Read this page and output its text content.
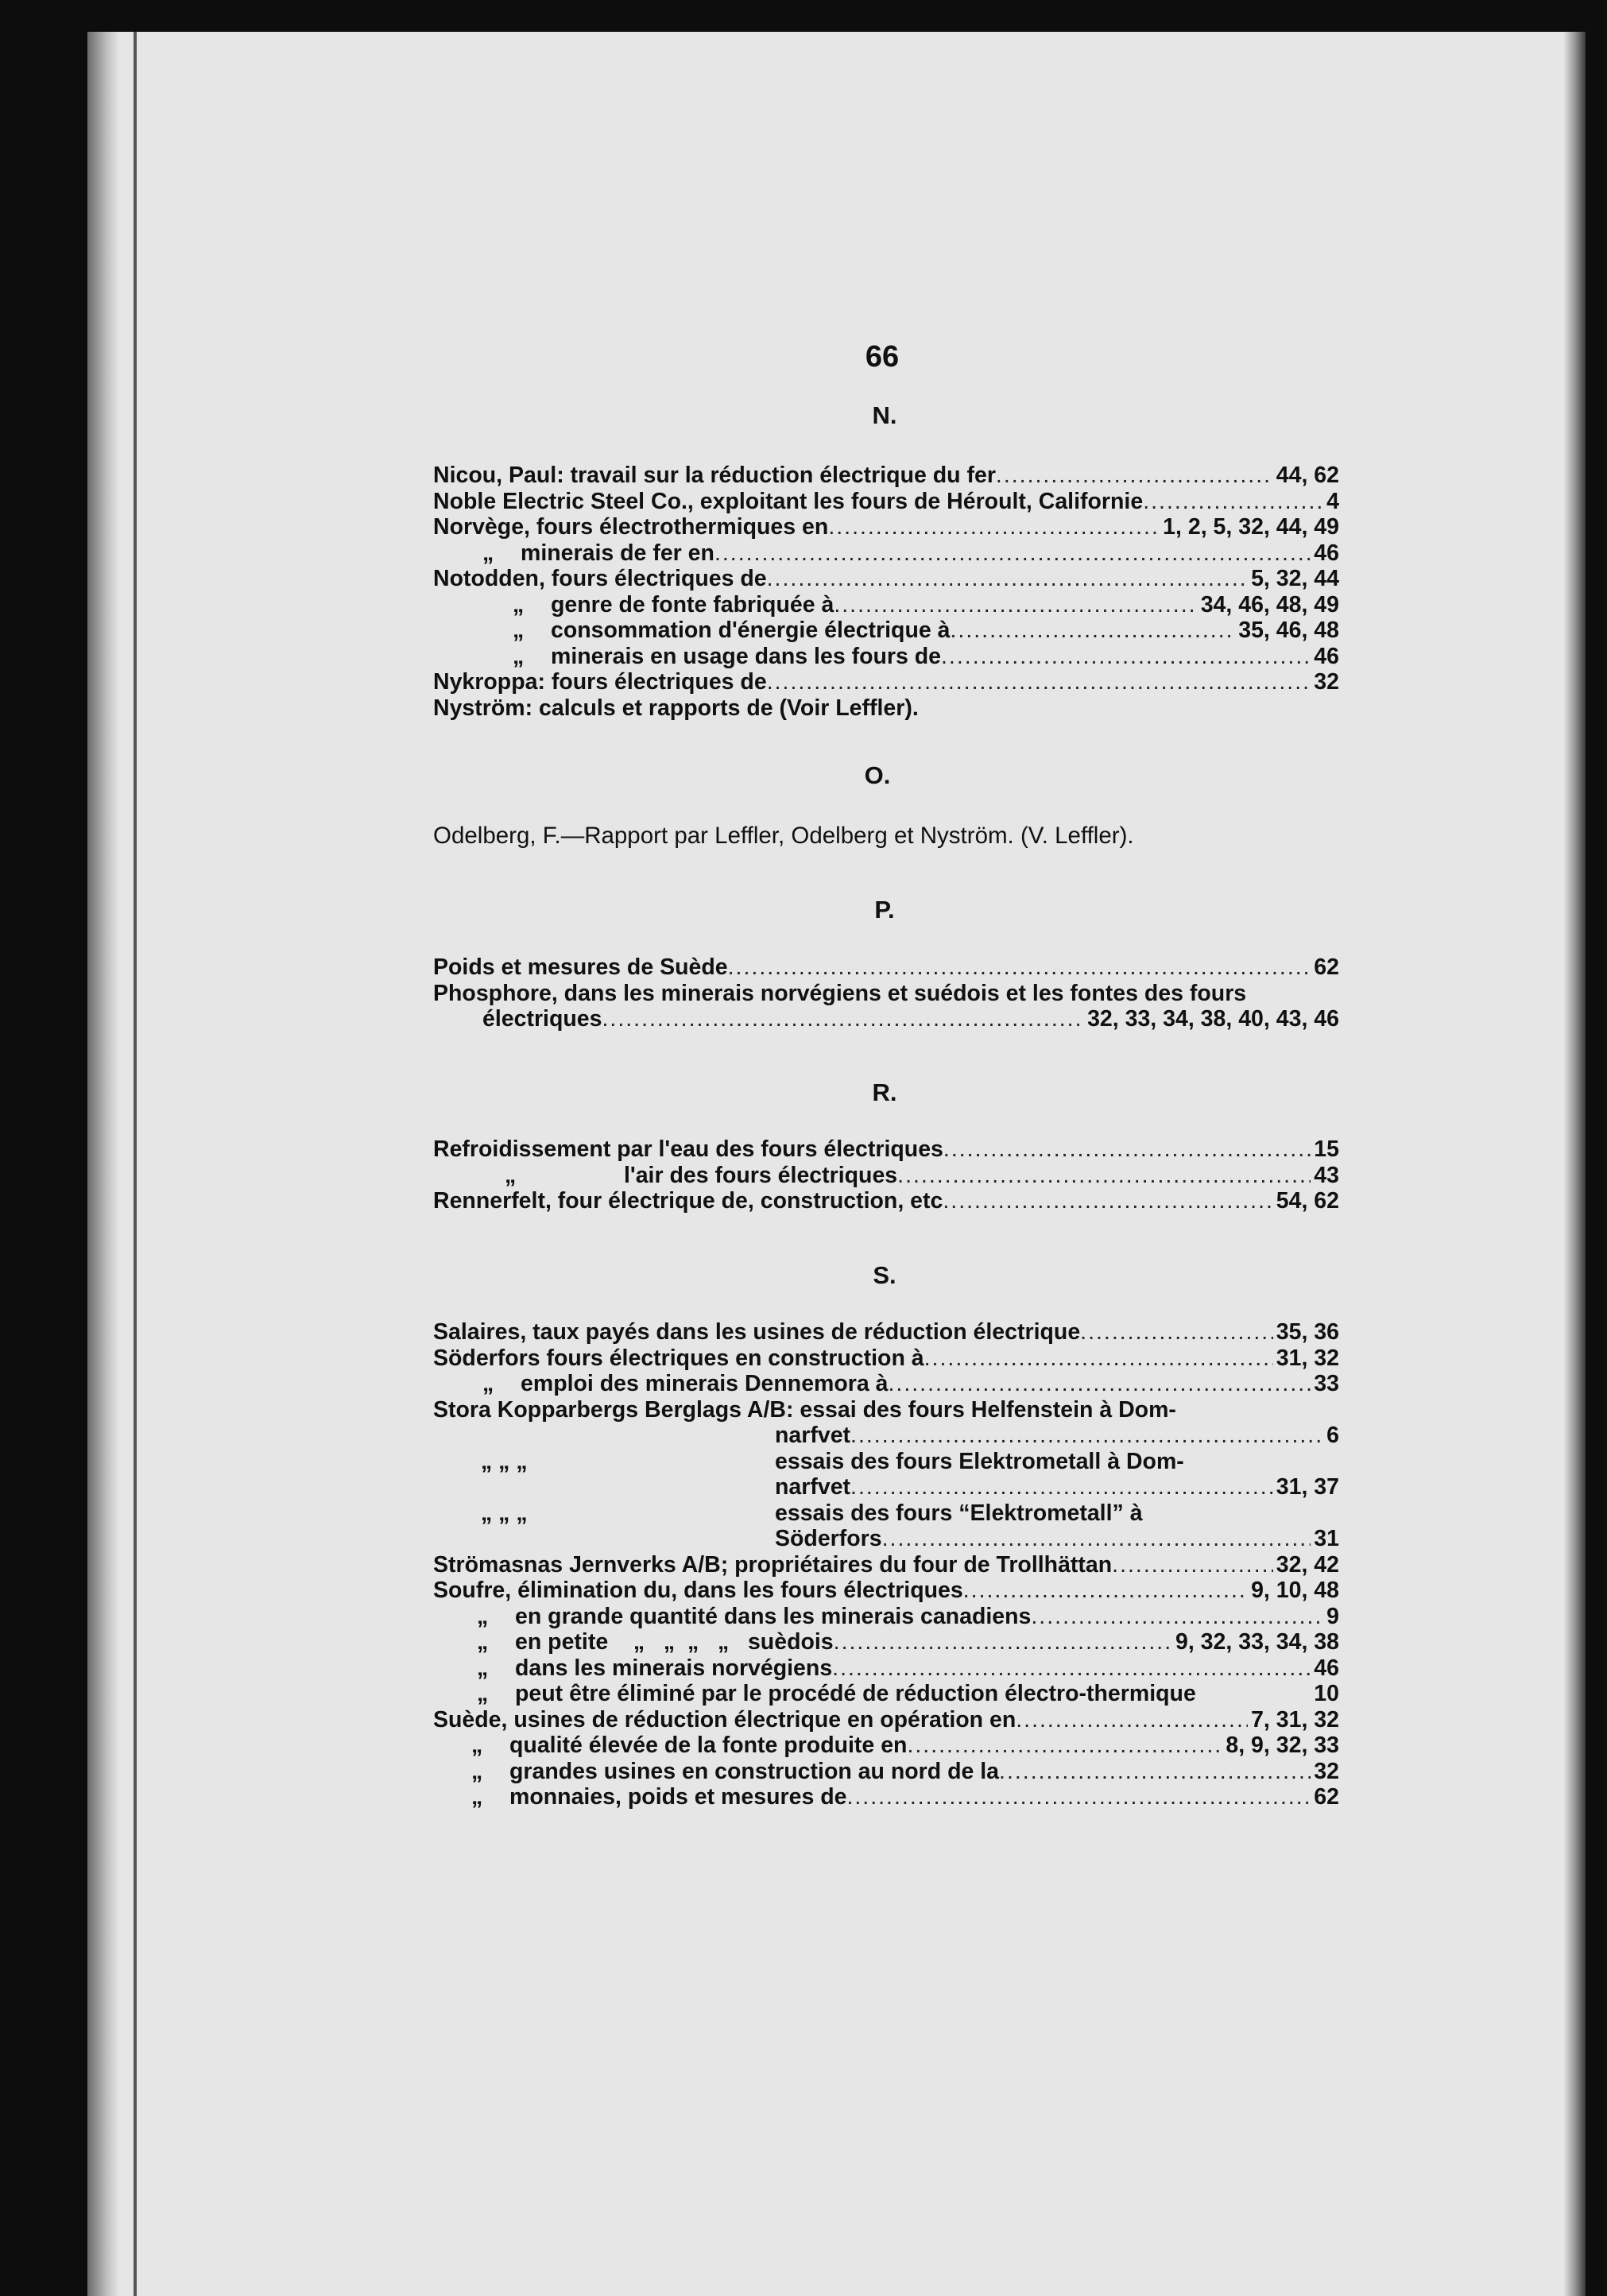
66
N.
Nicou, Paul: travail sur la réduction électrique du fer .....	44, 62
Noble Electric Steel Co., exploitant les fours de Héroult, Californie .....	4
Norvège, fours électrothermiques en .....	1, 2, 5, 32, 44, 49
„ minerais de fer en .....	46
Notodden, fours électriques de .....	5, 32, 44
„ genre de fonte fabriquée à .....	34, 46, 48, 49
„ consommation d'énergie électrique à .....	35, 46, 48
„ minerais en usage dans les fours de .....	46
Nykroppa: fours électriques de .....	32
Nyström: calculs et rapports de (Voir Leffler).
O.
Odelberg, F.—Rapport par Leffler, Odelberg et Nyström. (V. Leffler).
P.
Poids et mesures de Suède .....	62
Phosphore, dans les minerais norvégiens et suédois et les fontes des fours
électriques .....	32, 33, 34, 38, 40, 43, 46
R.
Refroidissement par l'eau des fours électriques .....	15
„	l'air des fours électriques .....	43
Rennerfelt, four électrique de, construction, etc .....	54, 62
S.
Salaires, taux payés dans les usines de réduction électrique .....	35, 36
Söderfors fours électriques en construction à .....	31, 32
„ emploi des minerais Dennemora à .....	33
Stora Kopparbergs Berglags A/B: essai des fours Helfenstein à Dom-
narfvet .....	6
„ „ „	essais des fours Elektrometall à Dom-
narfvet .....	31, 37
„ „ „	essais des fours “Elektrometall” à
Söderfors .....	31
Strömasnas Jernverks A/B; propriétaires du four de Trollhättan .....	32, 42
Soufre, élimination du, dans les fours électriques .....	9, 10, 48
„ en grande quantité dans les minerais canadiens .....	9
„ en petite    „   „  „   „   suèdois .....	9, 32, 33, 34, 38
„ dans les minerais norvégiens .....	46
„ peut être éliminé par le procédé de réduction électro-thermique	10
Suède, usines de réduction électrique en opération en .....	7, 31, 32
„ qualité élevée de la fonte produite en .....	8, 9, 32, 33
„ grandes usines en construction au nord de la .....	32
„ monnaies, poids et mesures de .....	62
